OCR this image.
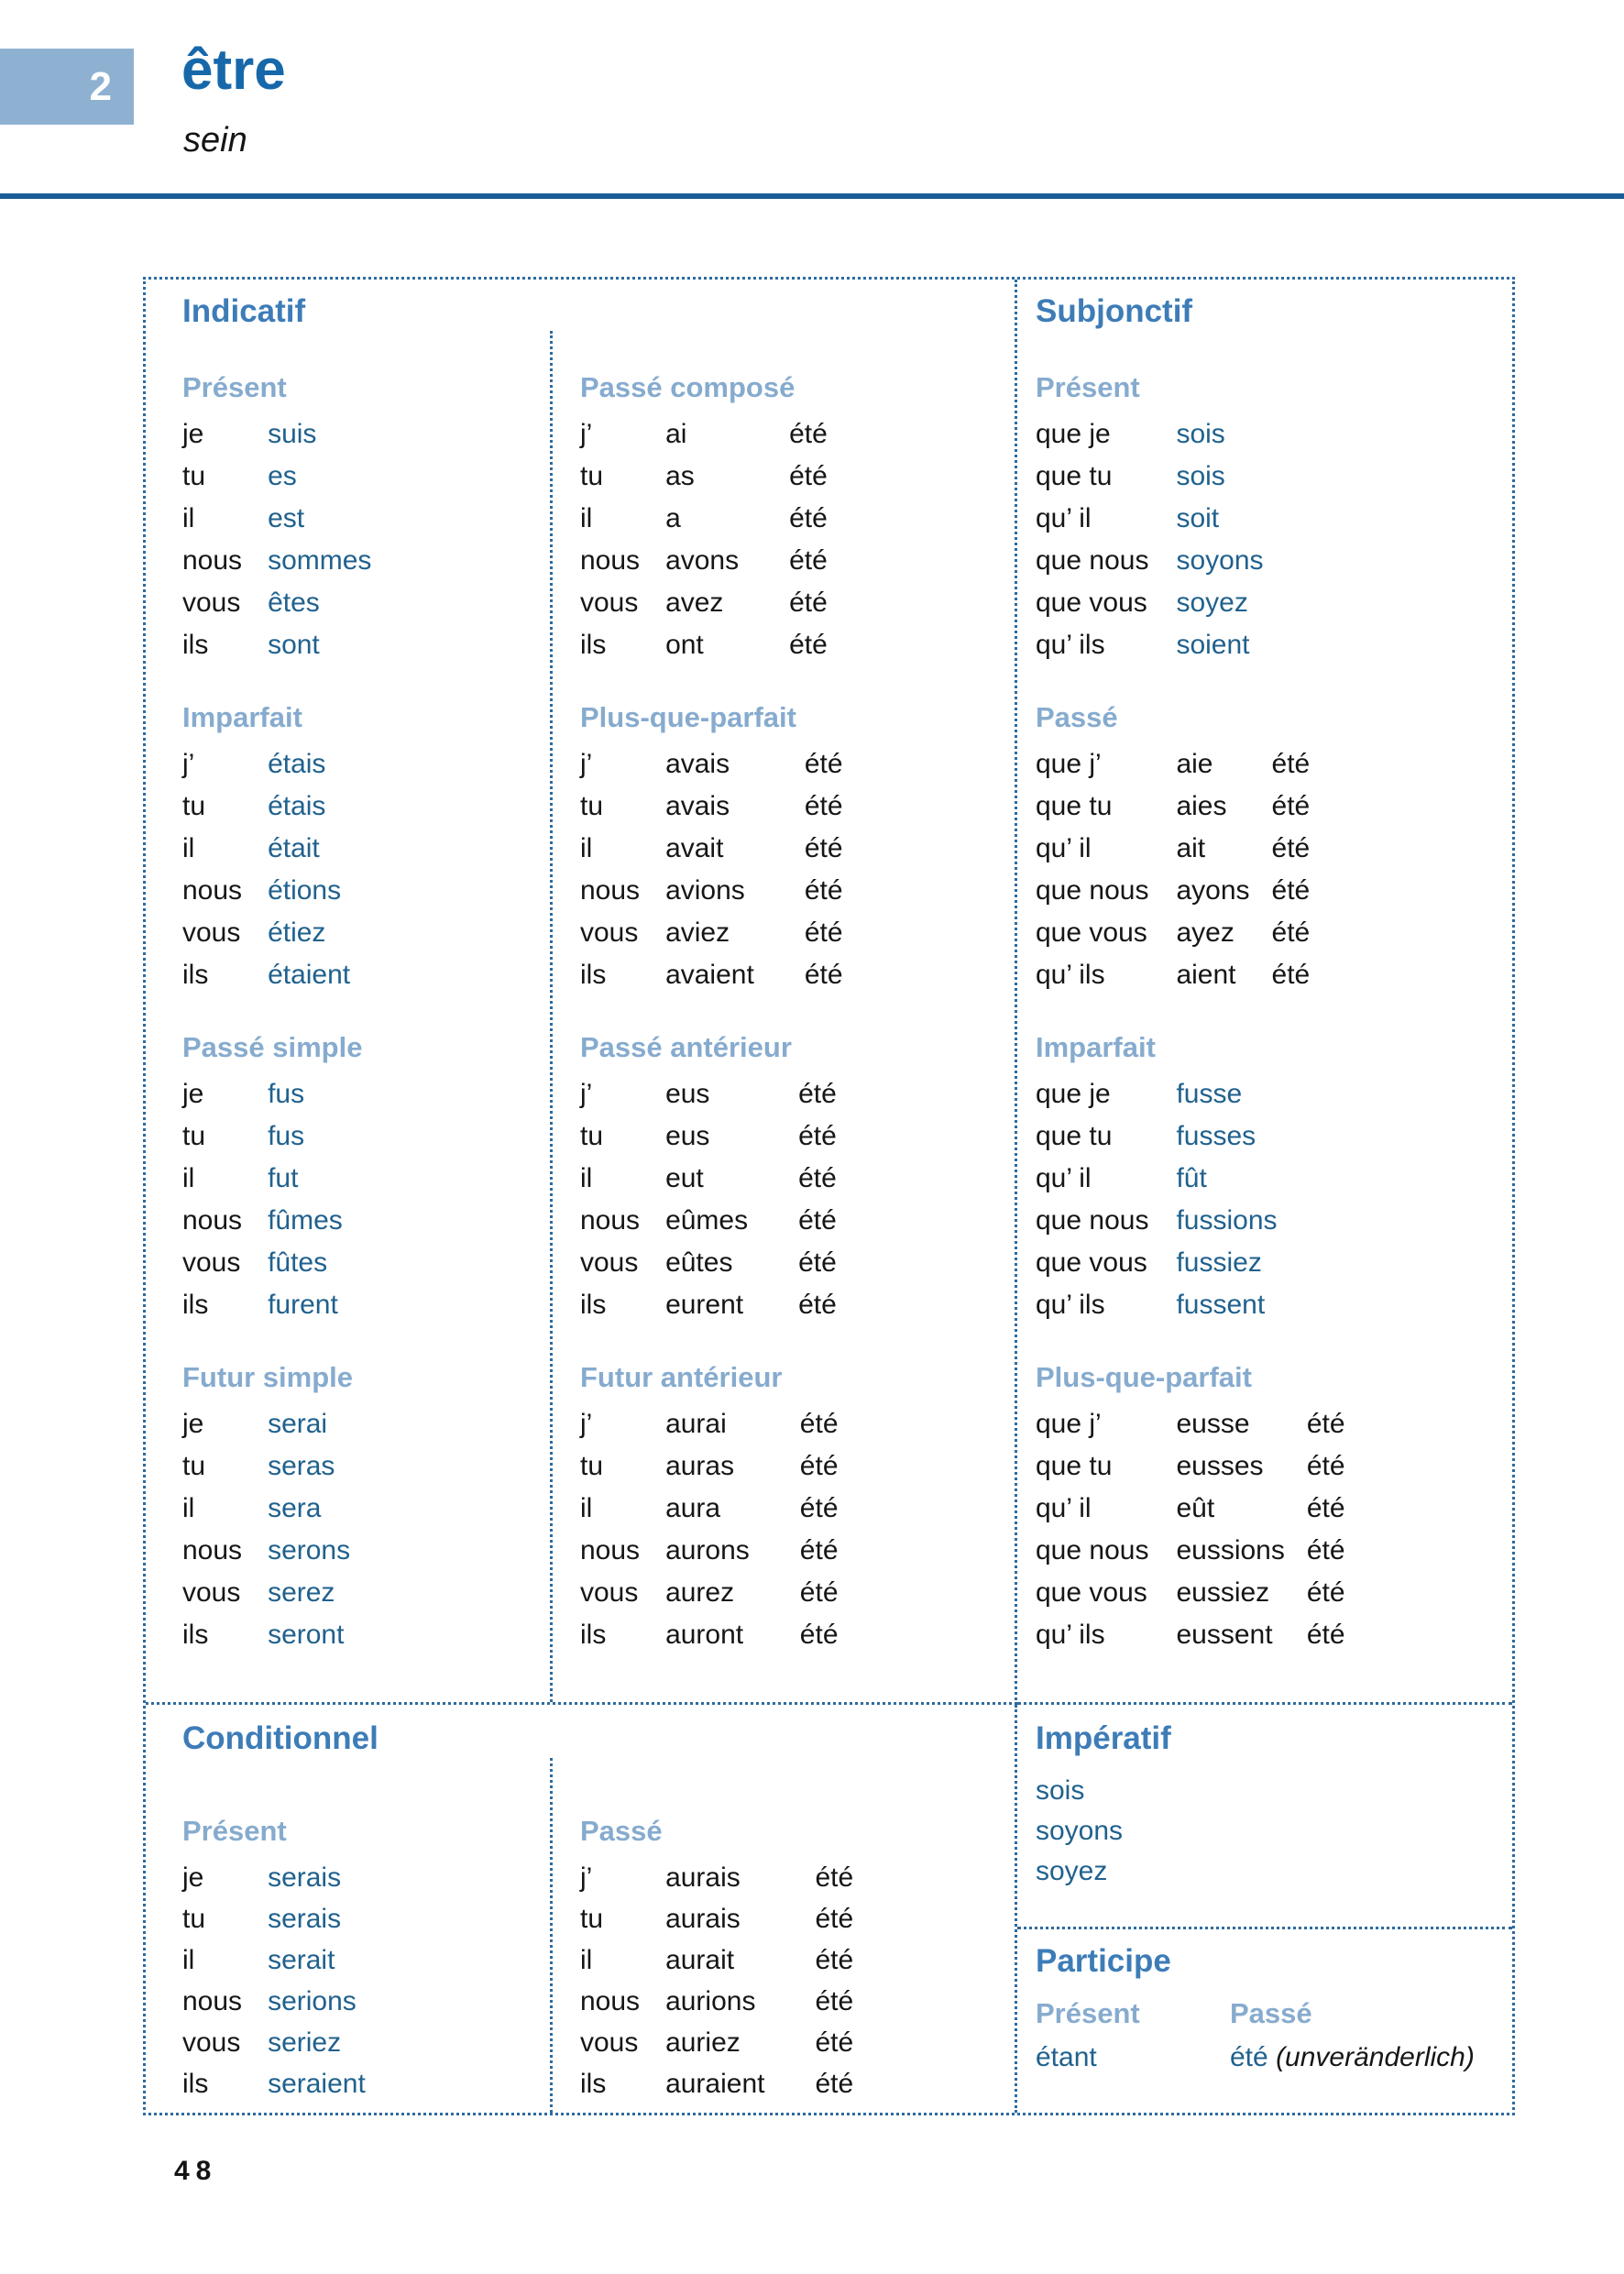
2 être
sein
Indicatif
Présent
je	suis
tu	es
il	est
nous	sommes
vous	êtes
ils	sont
Imparfait
j’	étais
tu	étais
il	était
nous	étions
vous	étiez
ils	étaient
Passé simple
je	fus
tu	fus
il	fut
nous	fûmes
vous	fûtes
ils	furent
Futur simple
je	serai
tu	seras
il	sera
nous	serons
vous	serez
ils	seront
Passé composé
j’	ai	été
tu	as	été
il	a	été
nous	avons	été
vous	avez	été
ils	ont	été
Plus-que-parfait
j’	avais	été
tu	avais	été
il	avait	été
nous	avions	été
vous	aviez	été
ils	avaient	été
Passé antérieur
j’	eus	été
tu	eus	été
il	eut	été
nous	eûmes	été
vous	eûtes	été
ils	eurent	été
Futur antérieur
j’	aurai	été
tu	auras	été
il	aura	été
nous	aurons	été
vous	aurez	été
ils	auront	été
Subjonctif
Présent
que je	sois
que tu	sois
qu’ il	soit
que nous	soyons
que vous	soyez
qu’ ils	soient
Passé
que j’	aie	été
que tu	aies	été
qu’ il	ait	été
que nous	ayons	été
que vous	ayez	été
qu’ ils	aient	été
Imparfait
que je	fusse
que tu	fusses
qu’ il	fût
que nous	fussions
que vous	fussiez
qu’ ils	fussent
Plus-que-parfait
que j’	eusse	été
que tu	eusses	été
qu’ il	eût	été
que nous	eussions	été
que vous	eussiez	été
qu’ ils	eussent	été
Conditionnel
Présent
je	serais
tu	serais
il	serait
nous	serions
vous	seriez
ils	seraient
Passé
j’	aurais	été
tu	aurais	été
il	aurait	été
nous	aurions	été
vous	auriez	été
ils	auraient	été
Impératif
sois
soyons
soyez
Participe
Présent	Passé
étant	été (unveränderlich)
48
